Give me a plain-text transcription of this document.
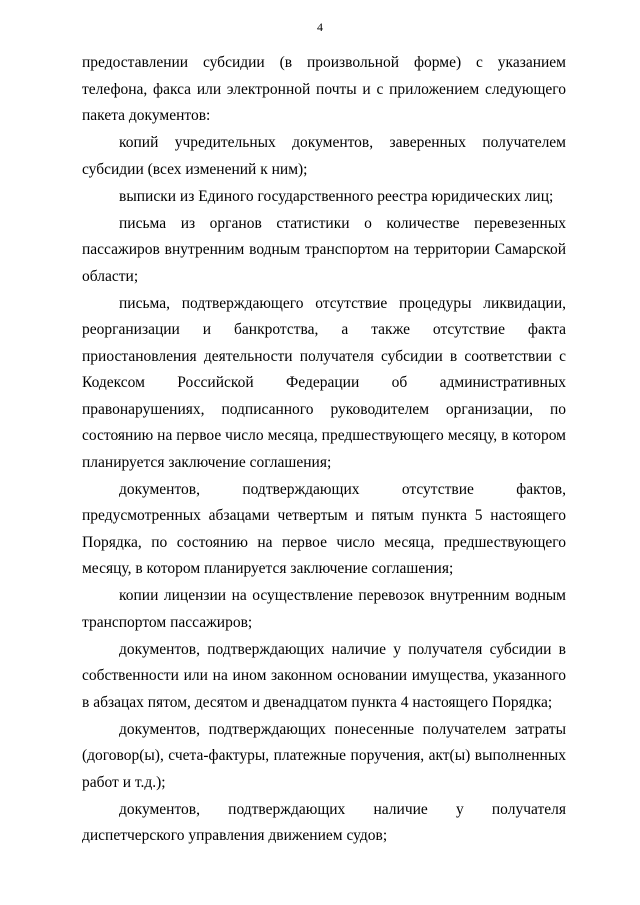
4

предоставлении субсидии (в произвольной форме) с указанием телефона, факса или электронной почты и с приложением следующего пакета документов:

копий учредительных документов, заверенных получателем субсидии (всех изменений к ним);

выписки из Единого государственного реестра юридических лиц;

письма из органов статистики о количестве перевезенных пассажиров внутренним водным транспортом на территории Самарской области;

письма, подтверждающего отсутствие процедуры ликвидации, реорганизации и банкротства, а также отсутствие факта приостановления деятельности получателя субсидии в соответствии с Кодексом Российской Федерации об административных правонарушениях, подписанного руководителем организации, по состоянию на первое число месяца, предшествующего месяцу, в котором планируется заключение соглашения;

документов, подтверждающих отсутствие фактов, предусмотренных абзацами четвертым и пятым пункта 5 настоящего Порядка, по состоянию на первое число месяца, предшествующего месяцу, в котором планируется заключение соглашения;

копии лицензии на осуществление перевозок внутренним водным транспортом пассажиров;

документов, подтверждающих наличие у получателя субсидии в собственности или на ином законном основании имущества, указанного в абзацах пятом, десятом и двенадцатом пункта 4 настоящего Порядка;

документов, подтверждающих понесенные получателем затраты (договор(ы), счета-фактуры, платежные поручения, акт(ы) выполненных работ и т.д.);

документов, подтверждающих наличие у получателя диспетчерского управления движением судов;
